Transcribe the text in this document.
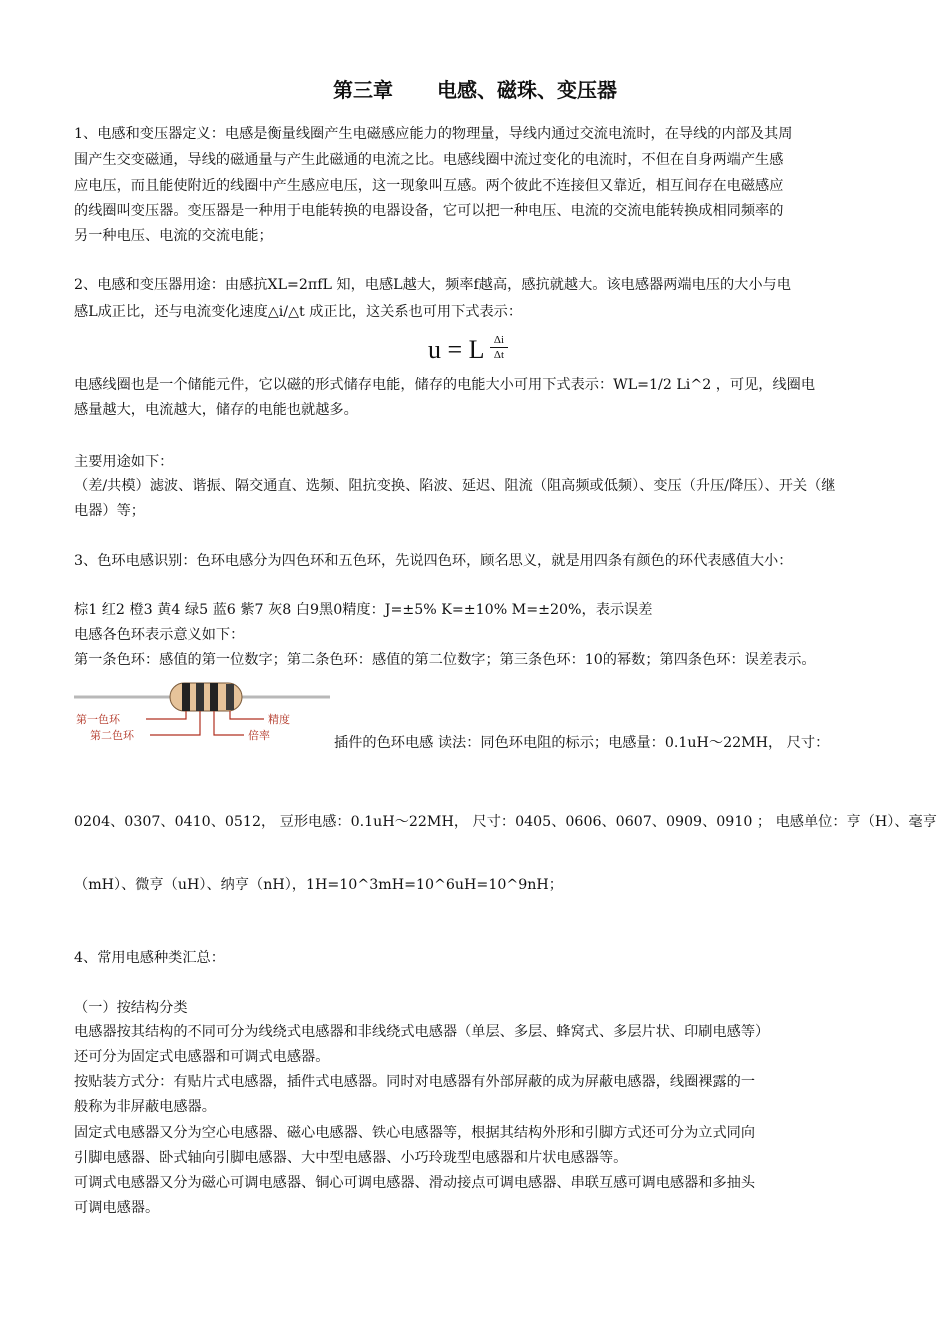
第三章 电感、磁珠、变压器
1、电感和变压器定义：电感是衡量线圈产生电磁感应能力的物理量，导线内通过交流电流时，在导线的内部及其周
围产生交变磁通，导线的磁通量与产生此磁通的电流之比。电感线圈中流过变化的电流时，不但在自身两端产生感
应电压，而且能使附近的线圈中产生感应电压，这一现象叫互感。两个彼此不连接但又靠近，相互间存在电磁感应
的线圈叫变压器。变压器是一种用于电能转换的电器设备，它可以把一种电压、电流的交流电能转换成相同频率的
另一种电压、电流的交流电能；
2、电感和变压器用途：由感抗XL=2πfL 知，电感L越大，频率f越高，感抗就越大。该电感器两端电压的大小与电
感L成正比，还与电流变化速度△i/△t 成正比，这关系也可用下式表示：
u = L Δi
Δt
电感线圈也是一个储能元件，它以磁的形式储存电能，储存的电能大小可用下式表示：WL=1/2 Li^2 ，可见，线圈电
感量越大，电流越大，储存的电能也就越多。
主要用途如下：
（差/共模）滤波、谐振、隔交通直、选频、阻抗变换、陷波、延迟、阻流（阻高频或低频）、变压（升压/降压）、开关（继
电器）等；
3、色环电感识别：色环电感分为四色环和五色环，先说四色环，顾名思义，就是用四条有颜色的环代表感值大小：
棕1 红2 橙3 黄4 绿5 蓝6 紫7 灰8 白9黑0精度：J=±5% K=±10% M=±20%，表示误差
电感各色环表示意义如下：
第一条色环：感值的第一位数字；第二条色环：感值的第二位数字；第三条色环：10的幂数；第四条色环：误差表示。
第一色环
第二色环
精度
倍率	插件的色环电感 读法：同色环电阻的标示；电感量：0.1uH～22MH， 尺寸：
0204、0307、0410、0512， 豆形电感：0.1uH～22MH， 尺寸：0405、0606、0607、0909、0910 ； 电感单位：亨（H）、毫亨
（mH）、微亨（uH）、纳亨（nH），1H=10^3mH=10^6uH=10^9nH；
4、常用电感种类汇总：
（一）按结构分类
电感器按其结构的不同可分为线绕式电感器和非线绕式电感器（单层、多层、蜂窝式、多层片状、印刷电感等）
还可分为固定式电感器和可调式电感器。
按贴装方式分：有贴片式电感器，插件式电感器。同时对电感器有外部屏蔽的成为屏蔽电感器，线圈裸露的一
般称为非屏蔽电感器。
固定式电感器又分为空心电感器、磁心电感器、铁心电感器等，根据其结构外形和引脚方式还可分为立式同向
引脚电感器、卧式轴向引脚电感器、大中型电感器、小巧玲珑型电感器和片状电感器等。
可调式电感器又分为磁心可调电感器、铜心可调电感器、滑动接点可调电感器、串联互感可调电感器和多抽头
可调电感器。
